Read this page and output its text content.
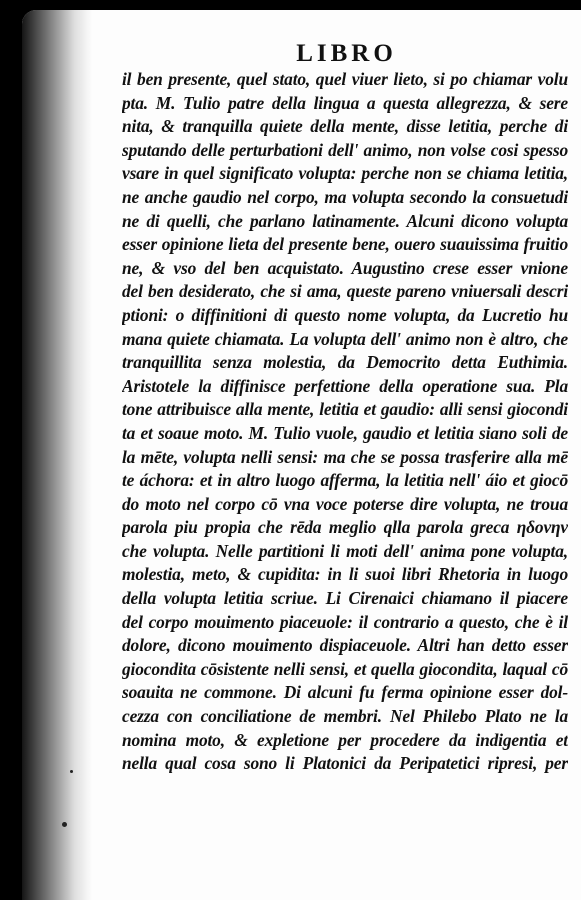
LIBRO
il ben presente, quel stato, quel viuer lieto, si po chiamar volu
pta. M. Tulio patre della lingua a questa allegrezza, & sere
nita, & tranquilla quiete della mente, disse letitia, perche di
sputando delle perturbationi dell' animo, non volse cosi spesso
vsare in quel significato volupta: perche non se chiama letitia,
ne anche gaudio nel corpo, ma volupta secondo la consuetudi
ne di quelli, che parlano latinamente. Alcuni dicono volupta
esser opinione lieta del presente bene, ouero suauissima fruitio
ne, & vso del ben acquistato. Augustino crese esser vnione
del ben desiderato, che si ama, queste pareno vniuersali descri
ptioni: o diffinitioni di questo nome volupta, da Lucretio hu
mana quiete chiamata. La volupta dell' animo non è altro, che
tranquillita senza molestia, da Democrito detta Euthimia.
Aristotele la diffinisce perfettione della operatione sua. Pla
tone attribuisce alla mente, letitia et gaudio: alli sensi giocondi
ta et soaue moto. M. Tulio vuole, gaudio et letitia siano soli de
la mēte, volupta nelli sensi: ma che se possa trasferire alla mē
te áchora: et in altro luogo afferma, la letitia nell' áio et giocō
do moto nel corpo cō vna voce poterse dire volupta, ne troua
parola piu propia che rēda meglio qlla parola greca ηδονην
che volupta. Nelle partitioni li moti dell' anima pone volupta,
molestia, meto, & cupidita: in li suoi libri Rhetoria in luogo
della volupta letitia scriue. Li Cirenaici chiamano il piacere
del corpo mouimento piaceuole: il contrario a questo, che è il
dolore, dicono mouimento dispiaceuole. Altri han detto esser
giocondita cōsistente nelli sensi, et quella giocondita, laqual cō
soauita ne commone. Di alcuni fu ferma opinione esser dol-
cezza con conciliatione de membri. Nel Philebo Plato ne la
nomina moto, & expletione per procedere da indigentia et
nella qual cosa sono li Platonici da Peripatetici ripresi, per
